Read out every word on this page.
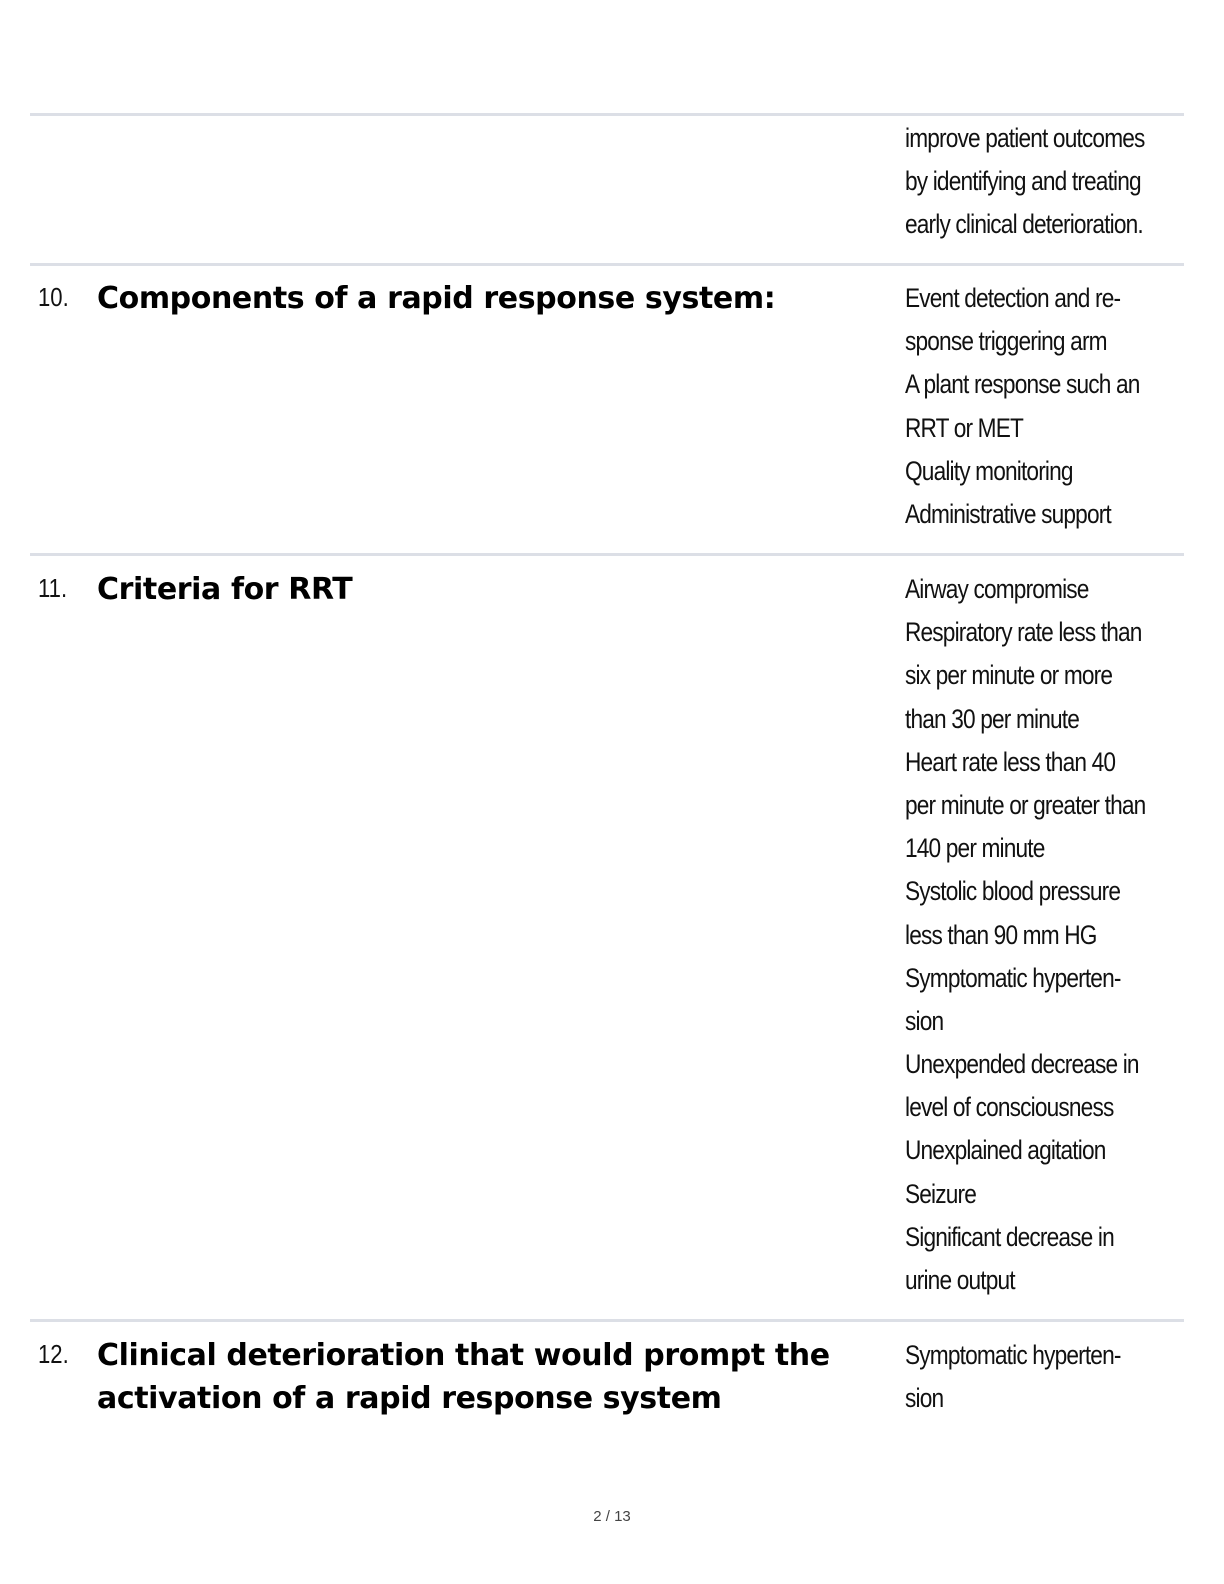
improve patient outcomes
by identifying and treating
early clinical deterioration.
10. Components of a rapid response system:	Event detection and re-
sponse triggering arm
A plant response such an
RRT or MET
Quality monitoring
Administrative support
11. Criteria for RRT	Airway compromise
Respiratory rate less than
six per minute or more
than 30 per minute
Heart rate less than 40
per minute or greater than
140 per minute
Systolic blood pressure
less than 90 mm HG
Symptomatic hyperten-
sion
Unexpended decrease in
level of consciousness
Unexplained agitation
Seizure
Significant decrease in
urine output
12. Clinical deterioration that would prompt the activation of a rapid response system
Symptomatic hyperten-
sion
2 / 13
